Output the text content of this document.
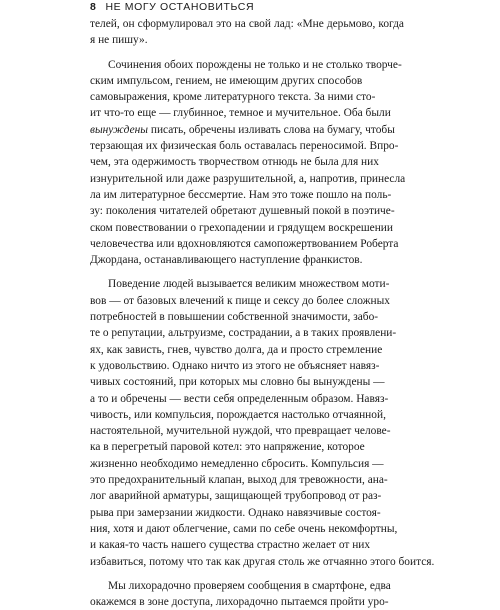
8 НЕ МОГУ ОСТАНОВИТЬСЯ
телей, он сформулировал это на свой лад: «Мне дерьмово, когда
я не пишу».
Сочинения обоих порождены не только и не столько творче-
ским импульсом, гением, не имеющим других способов
самовыражения, кроме литературного текста. За ними сто-
ит что-то еще — глубинное, темное и мучительное. Оба были
вынуждены писать, обречены изливать слова на бумагу, чтобы
терзающая их физическая боль оставалась переносимой. Впро-
чем, эта одержимость творчеством отнюдь не была для них
изнурительной или даже разрушительной, а, напротив, принесла
ла им литературное бессмертие. Нам это тоже пошло на поль-
зу: поколения читателей обретают душевный покой в поэтиче-
ском повествовании о грехопадении и грядущем воскрешении
человечества или вдохновляются самопожертвованием Роберта
Джордана, останавливающего наступление франкистов.
Поведение людей вызывается великим множеством моти-
вов — от базовых влечений к пище и сексу до более сложных
потребностей в повышении собственной значимости, забо-
те о репутации, альтруизме, сострадании, а в таких проявлени-
ях, как зависть, гнев, чувство долга, да и просто стремление
к удовольствию. Однако ничто из этого не объясняет навяз-
чивых состояний, при которых мы словно бы вынуждены —
а то и обречены — вести себя определенным образом. Навяз-
чивость, или компульсия, порождается настолько отчаянной,
настоятельной, мучительной нуждой, что превращает челове-
ка в перегретый паровой котел: это напряжение, которое
жизненно необходимо немедленно сбросить. Компульсия —
это предохранительный клапан, выход для тревожности, ана-
лог аварийной арматуры, защищающей трубопровод от раз-
рыва при замерзании жидкости. Однако навязчивые состоя-
ния, хотя и дают облегчение, сами по себе очень некомфортны,
и какая-то часть нашего существа страстно желает от них
избавиться, потому что так как другая столь же отчаянно этого боится.
Мы лихорадочно проверяем сообщения в смартфоне, едва
окажемся в зоне доступа, лихорадочно пытаемся пройти уро-
